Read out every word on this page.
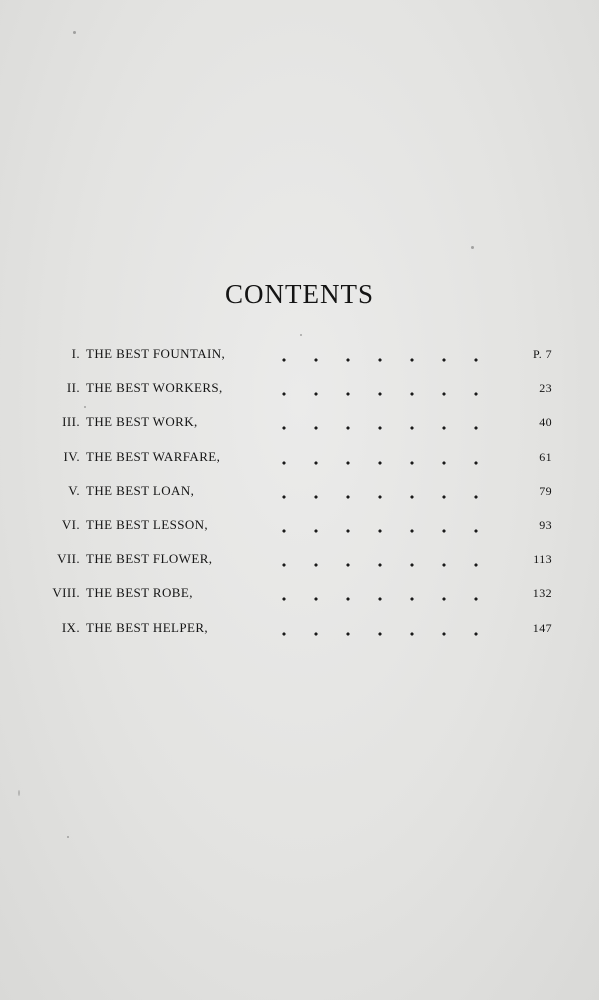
CONTENTS
I. THE BEST FOUNTAIN,	P. 7
II. THE BEST WORKERS,	23
III. THE BEST WORK,	40
IV. THE BEST WARFARE,	61
V. THE BEST LOAN,	79
VI. THE BEST LESSON,	93
VII. THE BEST FLOWER,	113
VIII. THE BEST ROBE,	132
IX. THE BEST HELPER,	147
